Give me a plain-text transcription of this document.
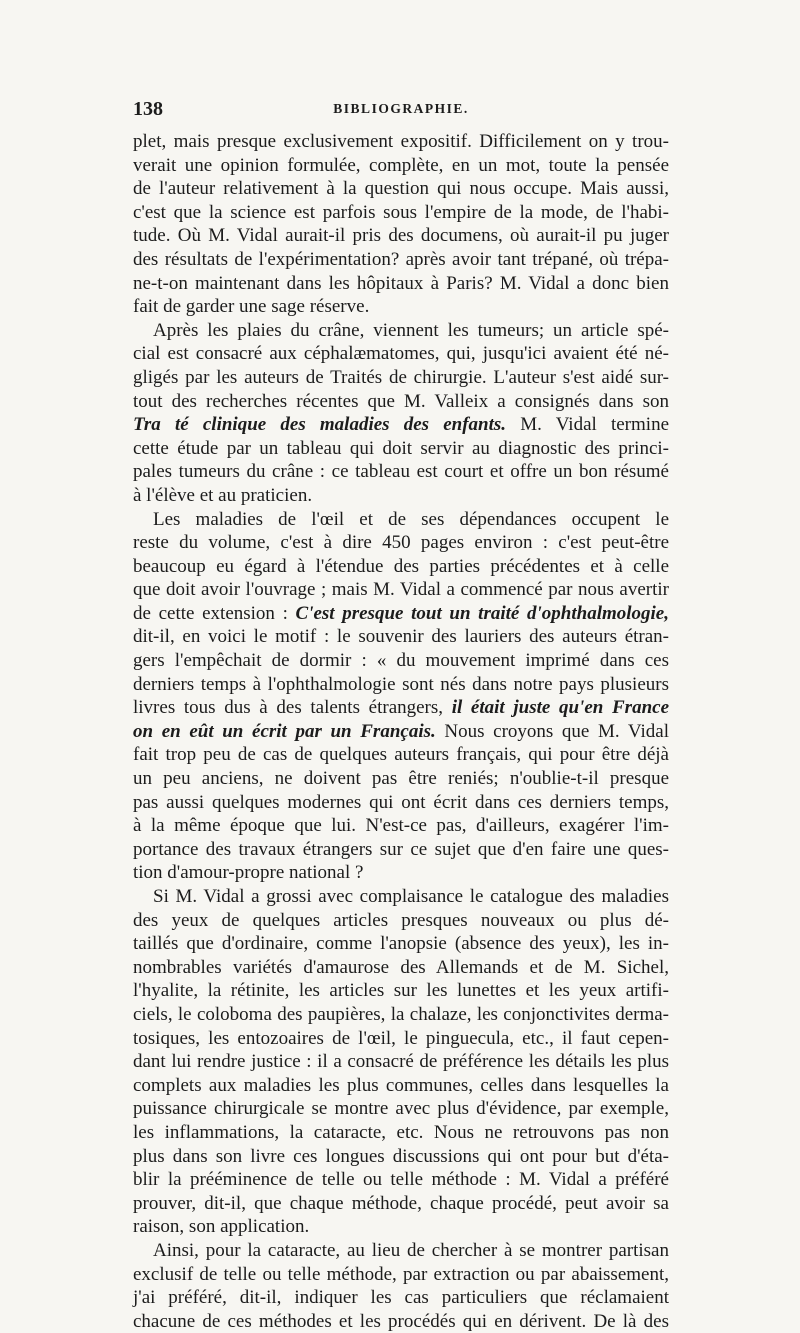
138	BIBLIOGRAPHIE.
plet, mais presque exclusivement expositif. Difficilement on y trou-
verait une opinion formulée, complète, en un mot, toute la pensée
de l'auteur relativement à la question qui nous occupe. Mais aussi,
c'est que la science est parfois sous l'empire de la mode, de l'habi-
tude. Où M. Vidal aurait-il pris des documens, où aurait-il pu juger
des résultats de l'expérimentation? après avoir tant trépané, où trépa-
ne-t-on maintenant dans les hôpitaux à Paris? M. Vidal a donc bien
fait de garder une sage réserve.
Après les plaies du crâne, viennent les tumeurs; un article spé-
cial est consacré aux céphalæmatomes, qui, jusqu'ici avaient été né-
gligés par les auteurs de Traités de chirurgie. L'auteur s'est aidé sur-
tout des recherches récentes que M. Valleix a consignés dans son
Tra té clinique des maladies des enfants. M. Vidal termine
cette étude par un tableau qui doit servir au diagnostic des princi-
pales tumeurs du crâne : ce tableau est court et offre un bon résumé
à l'élève et au praticien.
Les maladies de l'œil et de ses dépendances occupent le
reste du volume, c'est à dire 450 pages environ : c'est peut-être
beaucoup eu égard à l'étendue des parties précédentes et à celle
que doit avoir l'ouvrage ; mais M. Vidal a commencé par nous avertir
de cette extension : C'est presque tout un traité d'ophthalmologie,
dit-il, en voici le motif : le souvenir des lauriers des auteurs étran-
gers l'empêchait de dormir : « du mouvement imprimé dans ces
derniers temps à l'ophthalmologie sont nés dans notre pays plusieurs
livres tous dus à des talents étrangers, il était juste qu'en France
on en eût un écrit par un Français. Nous croyons que M. Vidal
fait trop peu de cas de quelques auteurs français, qui pour être déjà
un peu anciens, ne doivent pas être reniés; n'oublie-t-il presque
pas aussi quelques modernes qui ont écrit dans ces derniers temps,
à la même époque que lui. N'est-ce pas, d'ailleurs, exagérer l'im-
portance des travaux étrangers sur ce sujet que d'en faire une ques-
tion d'amour-propre national ?
Si M. Vidal a grossi avec complaisance le catalogue des maladies
des yeux de quelques articles presques nouveaux ou plus dé-
taillés que d'ordinaire, comme l'anopsie (absence des yeux), les in-
nombrables variétés d'amaurose des Allemands et de M. Sichel,
l'hyalite, la rétinite, les articles sur les lunettes et les yeux artifi-
ciels, le coloboma des paupières, la chalaze, les conjonctivites derma-
tosiques, les entozoaires de l'œil, le pinguecula, etc., il faut cepen-
dant lui rendre justice : il a consacré de préférence les détails les plus
complets aux maladies les plus communes, celles dans lesquelles la
puissance chirurgicale se montre avec plus d'évidence, par exemple,
les inflammations, la cataracte, etc. Nous ne retrouvons pas non
plus dans son livre ces longues discussions qui ont pour but d'éta-
blir la prééminence de telle ou telle méthode : M. Vidal a préféré
prouver, dit-il, que chaque méthode, chaque procédé, peut avoir sa
raison, son application.
Ainsi, pour la cataracte, au lieu de chercher à se montrer partisan
exclusif de telle ou telle méthode, par extraction ou par abaissement,
j'ai préféré, dit-il, indiquer les cas particuliers que réclamaient
chacune de ces méthodes et les procédés qui en dérivent. De là des
